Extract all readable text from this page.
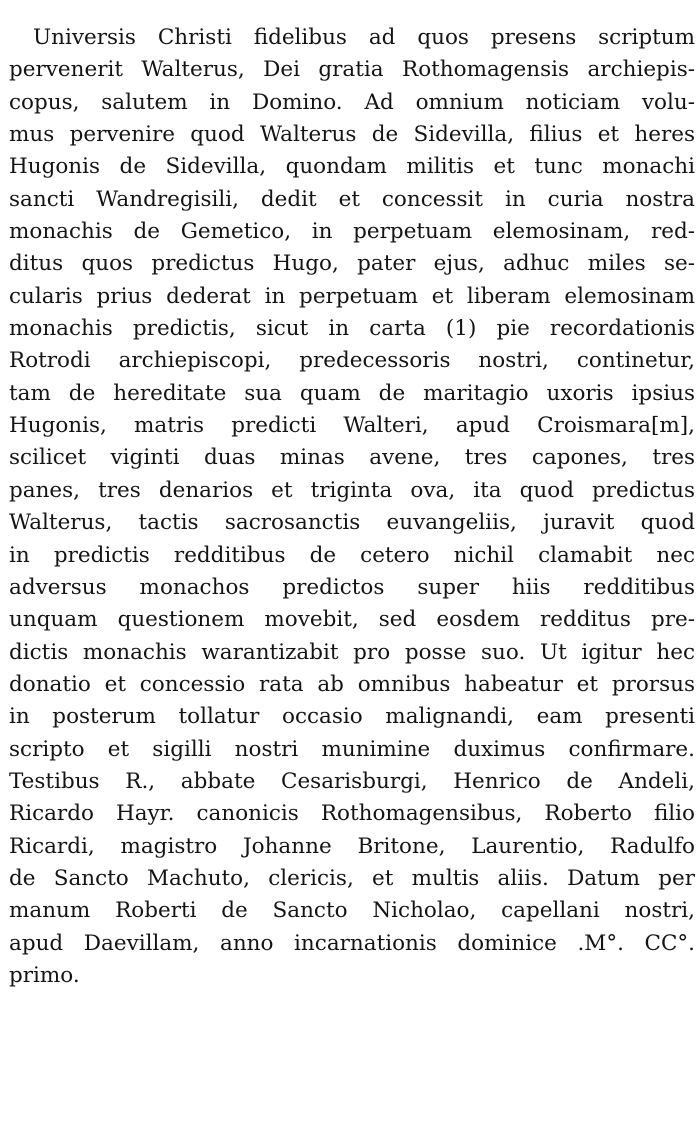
Universis Christi fidelibus ad quos presens scriptum
pervenerit Walterus, Dei gratia Rothomagensis archiepis-
copus, salutem in Domino. Ad omnium noticiam volu-
mus pervenire quod Walterus de Sidevilla, filius et heres
Hugonis de Sidevilla, quondam militis et tunc monachi
sancti Wandregisili, dedit et concessit in curia nostra
monachis de Gemetico, in perpetuam elemosinam, red-
ditus quos predictus Hugo, pater ejus, adhuc miles se-
cularis prius dederat in perpetuam et liberam elemosinam
monachis predictis, sicut in carta (1) pie recordationis
Rotrodi archiepiscopi, predecessoris nostri, continetur,
tam de hereditate sua quam de maritagio uxoris ipsius
Hugonis, matris predicti Walteri, apud Croismara[m],
scilicet viginti duas minas avene, tres capones, tres
panes, tres denarios et triginta ova, ita quod predictus
Walterus, tactis sacrosanctis euvangeliis, juravit quod
in predictis redditibus de cetero nichil clamabit nec
adversus monachos predictos super hiis redditibus
unquam questionem movebit, sed eosdem redditus pre-
dictis monachis warantizabit pro posse suo. Ut igitur hec
donatio et concessio rata ab omnibus habeatur et prorsus
in posterum tollatur occasio malignandi, eam presenti
scripto et sigilli nostri munimine duximus confirmare.
Testibus R., abbate Cesarisburgi, Henrico de Andeli,
Ricardo Hayr. canonicis Rothomagensibus, Roberto filio
Ricardi, magistro Johanne Britone, Laurentio, Radulfo
de Sancto Machuto, clericis, et multis aliis. Datum per
manum Roberti de Sancto Nicholao, capellani nostri,
apud Daevillam, anno incarnationis dominice .M°. CC°.
primo.
